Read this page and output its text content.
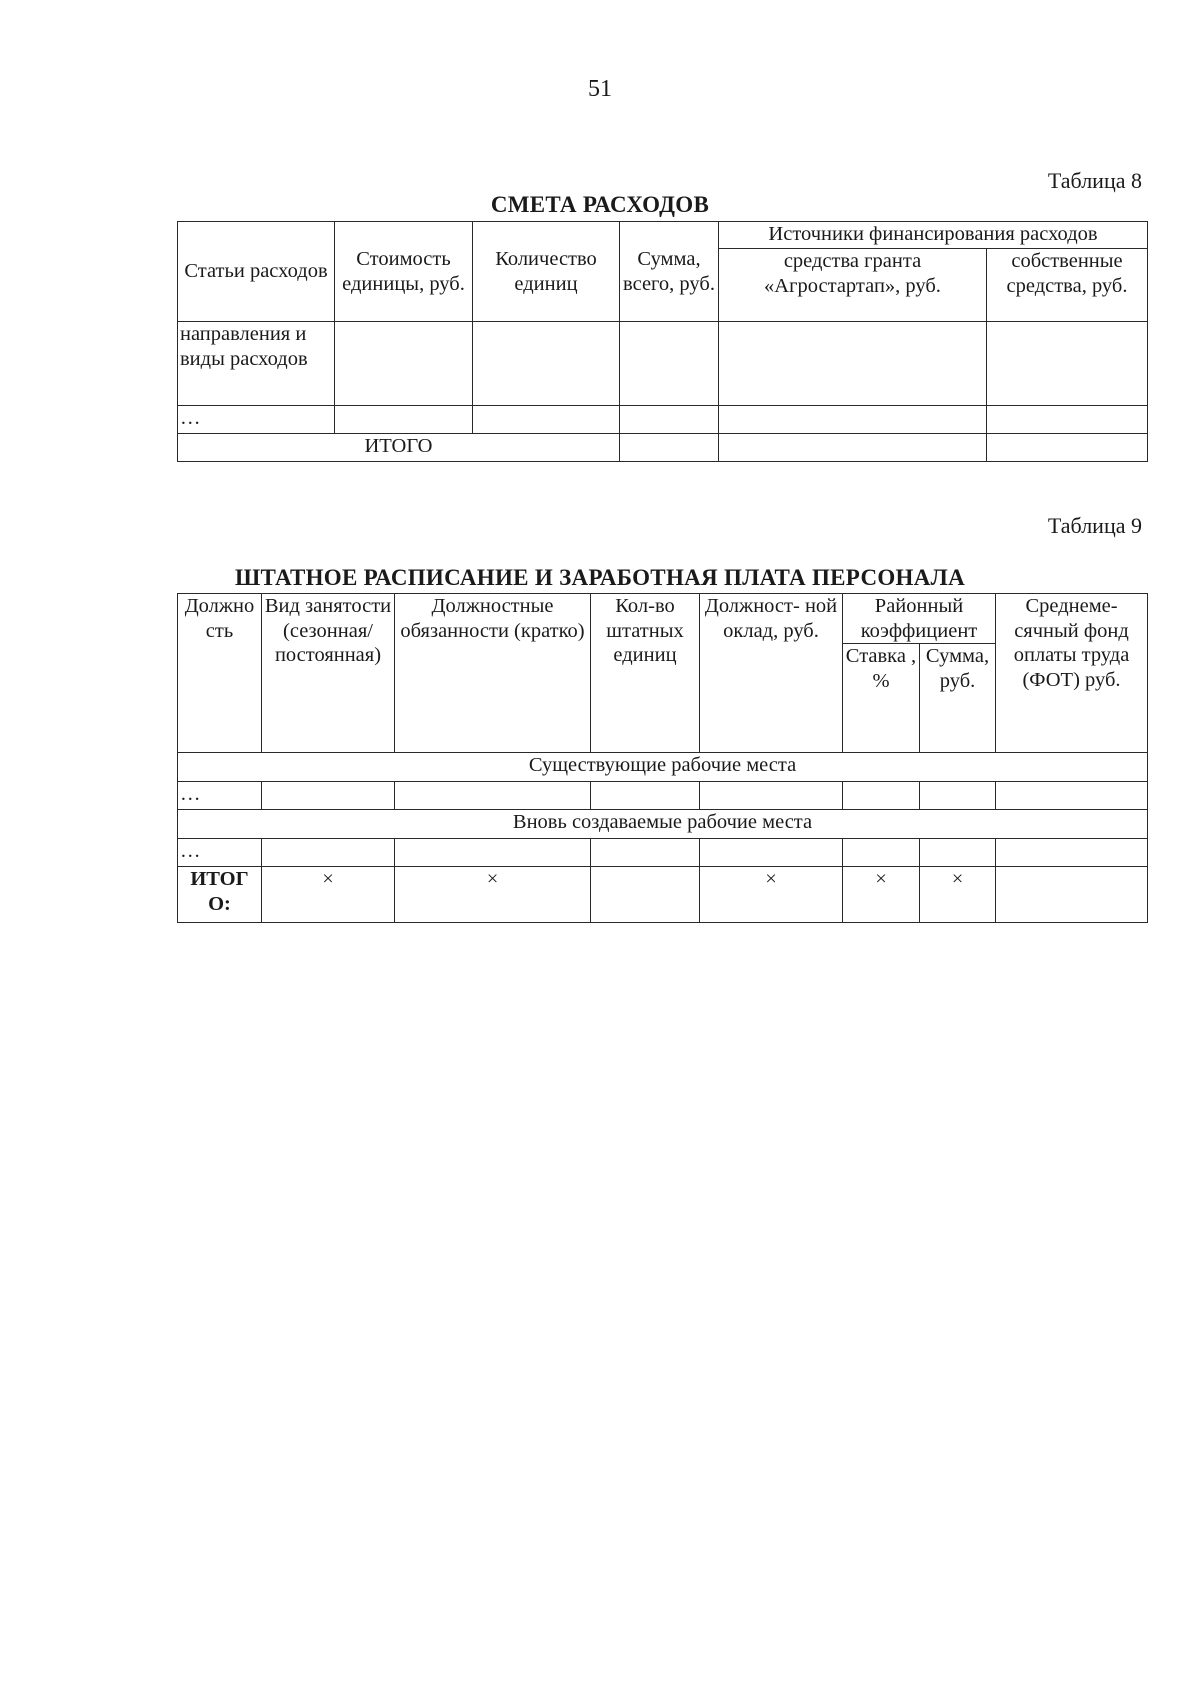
51
Таблица 8
СМЕТА РАСХОДОВ
Статьи расходов	Стоимость единицы, руб.	Количество единиц	Сумма, всего, руб.	Источники финансирования расходов	
				средства гранта «Агростартап», руб.	собственные средства, руб.
направления и виды расходов					
…					
ИТОГО					
Таблица 9
ШТАТНОЕ РАСПИСАНИЕ И ЗАРАБОТНАЯ ПЛАТА ПЕРСОНАЛА
Должно сть	Вид занятости (сезонная/ постоянная)	Должностные обязанности (кратко)	Кол-во штатных единиц	Должност- ной оклад, руб.	Районный коэффициент		Среднеме- сячный фонд оплаты труда (ФОТ) руб.
					Ставка , %	Сумма, руб.	
Существующие рабочие места							
…							
Вновь создаваемые рабочие места							
…							
ИТОГ О:	×	×		×	×	×	
